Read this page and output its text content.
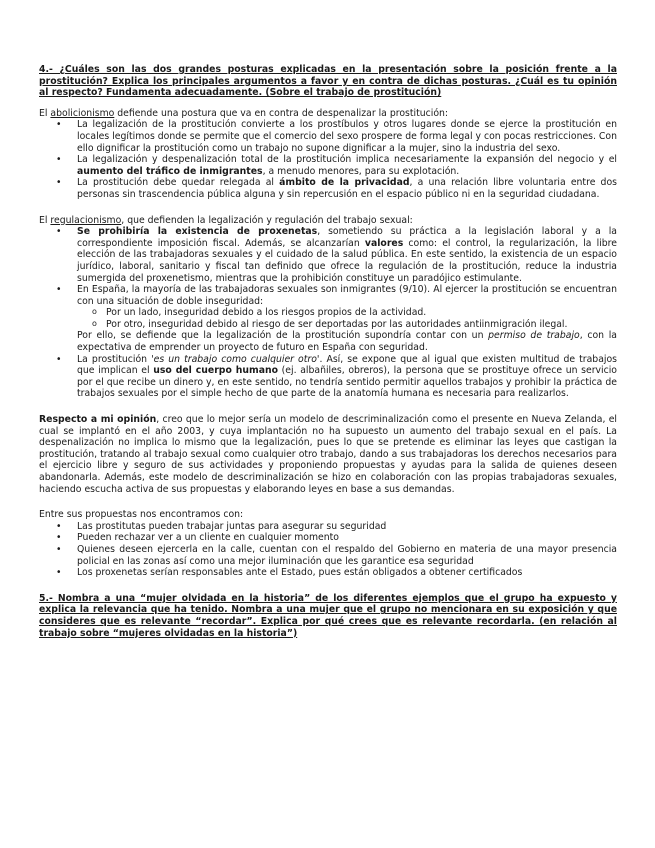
4.- ¿Cuáles son las dos grandes posturas explicadas en la presentación sobre la posición frente a la prostitución? Explica los principales argumentos a favor y en contra de dichas posturas. ¿Cuál es tu opinión al respecto? Fundamenta adecuadamente. (Sobre el trabajo de prostitución)

El abolicionismo defiende una postura que va en contra de despenalizar la prostitución:

• La legalización de la prostitución convierte a los prostíbulos y otros lugares donde se ejerce la prostitución en locales legítimos donde se permite que el comercio del sexo prospere de forma legal y con pocas restricciones. Con ello dignificar la prostitución como un trabajo no supone dignificar a la mujer, sino la industria del sexo.
• La legalización y despenalización total de la prostitución implica necesariamente la expansión del negocio y el aumento del tráfico de inmigrantes, a menudo menores, para su explotación.
• La prostitución debe quedar relegada al ámbito de la privacidad, a una relación libre voluntaria entre dos personas sin trascendencia pública alguna y sin repercusión en el espacio público ni en la seguridad ciudadana.

El regulacionismo, que defienden la legalización y regulación del trabajo sexual:

• Se prohibiría la existencia de proxenetas, sometiendo su práctica a la legislación laboral y a la correspondiente imposición fiscal. Además, se alcanzarían valores como: el control, la regularización, la libre elección de las trabajadoras sexuales y el cuidado de la salud pública. En este sentido, la existencia de un espacio jurídico, laboral, sanitario y fiscal tan definido que ofrece la regulación de la prostitución, reduce la industria sumergida del proxenetismo, mientras que la prohibición constituye un paradójico estimulante.
• En España, la mayoría de las trabajadoras sexuales son inmigrantes (9/10). Al ejercer la prostitución se encuentran con una situación de doble inseguridad:
o Por un lado, inseguridad debido a los riesgos propios de la actividad.
o Por otro, inseguridad debido al riesgo de ser deportadas por las autoridades antiinmigración ilegal.
Por ello, se defiende que la legalización de la prostitución supondría contar con un permiso de trabajo, con la expectativa de emprender un proyecto de futuro en España con seguridad.
• La prostitución 'es un trabajo como cualquier otro'. Así, se expone que al igual que existen multitud de trabajos que implican el uso del cuerpo humano (ej. albañiles, obreros), la persona que se prostituye ofrece un servicio por el que recibe un dinero y, en este sentido, no tendría sentido permitir aquellos trabajos y prohibir la práctica de trabajos sexuales por el simple hecho de que parte de la anatomía humana es necesaria para realizarlos.

Respecto a mi opinión, creo que lo mejor sería un modelo de descriminalización como el presente en Nueva Zelanda, el cual se implantó en el año 2003, y cuya implantación no ha supuesto un aumento del trabajo sexual en el país. La despenalización no implica lo mismo que la legalización, pues lo que se pretende es eliminar las leyes que castigan la prostitución, tratando al trabajo sexual como cualquier otro trabajo, dando a sus trabajadoras los derechos necesarios para el ejercicio libre y seguro de sus actividades y proponiendo propuestas y ayudas para la salida de quienes deseen abandonarla. Además, este modelo de descriminalización se hizo en colaboración con las propias trabajadoras sexuales, haciendo escucha activa de sus propuestas y elaborando leyes en base a sus demandas.

Entre sus propuestas nos encontramos con:

• Las prostitutas pueden trabajar juntas para asegurar su seguridad
• Pueden rechazar ver a un cliente en cualquier momento
• Quienes deseen ejercerla en la calle, cuentan con el respaldo del Gobierno en materia de una mayor presencia policial en las zonas así como una mejor iluminación que les garantice esa seguridad
• Los proxenetas serían responsables ante el Estado, pues están obligados a obtener certificados

5.- Nombra a una “mujer olvidada en la historia” de los diferentes ejemplos que el grupo ha expuesto y explica la relevancia que ha tenido. Nombra a una mujer que el grupo no mencionara en su exposición y que consideres que es relevante “recordar”. Explica por qué crees que es relevante recordarla. (en relación al trabajo sobre “mujeres olvidadas en la historia”)
